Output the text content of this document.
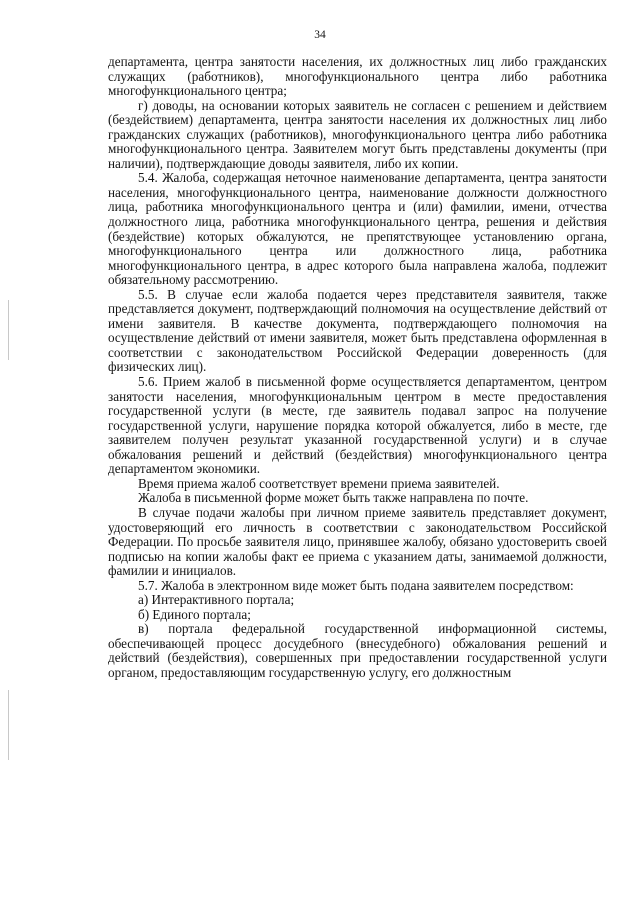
34

департамента, центра занятости населения, их должностных лиц либо гражданских служащих (работников), многофункционального центра либо работника многофункционального центра;

г) доводы, на основании которых заявитель не согласен с решением и действием (бездействием) департамента, центра занятости населения их должностных лиц либо гражданских служащих (работников), многофункционального центра либо работника многофункционального центра. Заявителем могут быть представлены документы (при наличии), подтверждающие доводы заявителя, либо их копии.

5.4. Жалоба, содержащая неточное наименование департамента, центра занятости населения, многофункционального центра, наименование должности должностного лица, работника многофункционального центра и (или) фамилии, имени, отчества должностного лица, работника многофункционального центра, решения и действия (бездействие) которых обжалуются, не препятствующее установлению органа, многофункционального центра или должностного лица, работника многофункционального центра, в адрес которого была направлена жалоба, подлежит обязательному рассмотрению.

5.5. В случае если жалоба подается через представителя заявителя, также представляется документ, подтверждающий полномочия на осуществление действий от имени заявителя. В качестве документа, подтверждающего полномочия на осуществление действий от имени заявителя, может быть представлена оформленная в соответствии с законодательством Российской Федерации доверенность (для физических лиц).

5.6. Прием жалоб в письменной форме осуществляется департаментом, центром занятости населения, многофункциональным центром в месте предоставления государственной услуги (в месте, где заявитель подавал запрос на получение государственной услуги, нарушение порядка которой обжалуется, либо в месте, где заявителем получен результат указанной государственной услуги) и в случае обжалования решений и действий (бездействия) многофункционального центра департаментом экономики.

Время приема жалоб соответствует времени приема заявителей.

Жалоба в письменной форме может быть также направлена по почте.

В случае подачи жалобы при личном приеме заявитель представляет документ, удостоверяющий его личность в соответствии с законодательством Российской Федерации. По просьбе заявителя лицо, принявшее жалобу, обязано удостоверить своей подписью на копии жалобы факт ее приема с указанием даты, занимаемой должности, фамилии и инициалов.

5.7. Жалоба в электронном виде может быть подана заявителем посредством:

а) Интерактивного портала;

б) Единого портала;

в) портала федеральной государственной информационной системы, обеспечивающей процесс досудебного (внесудебного) обжалования решений и действий (бездействия), совершенных при предоставлении государственной услуги органом, предоставляющим государственную услугу, его должностным
